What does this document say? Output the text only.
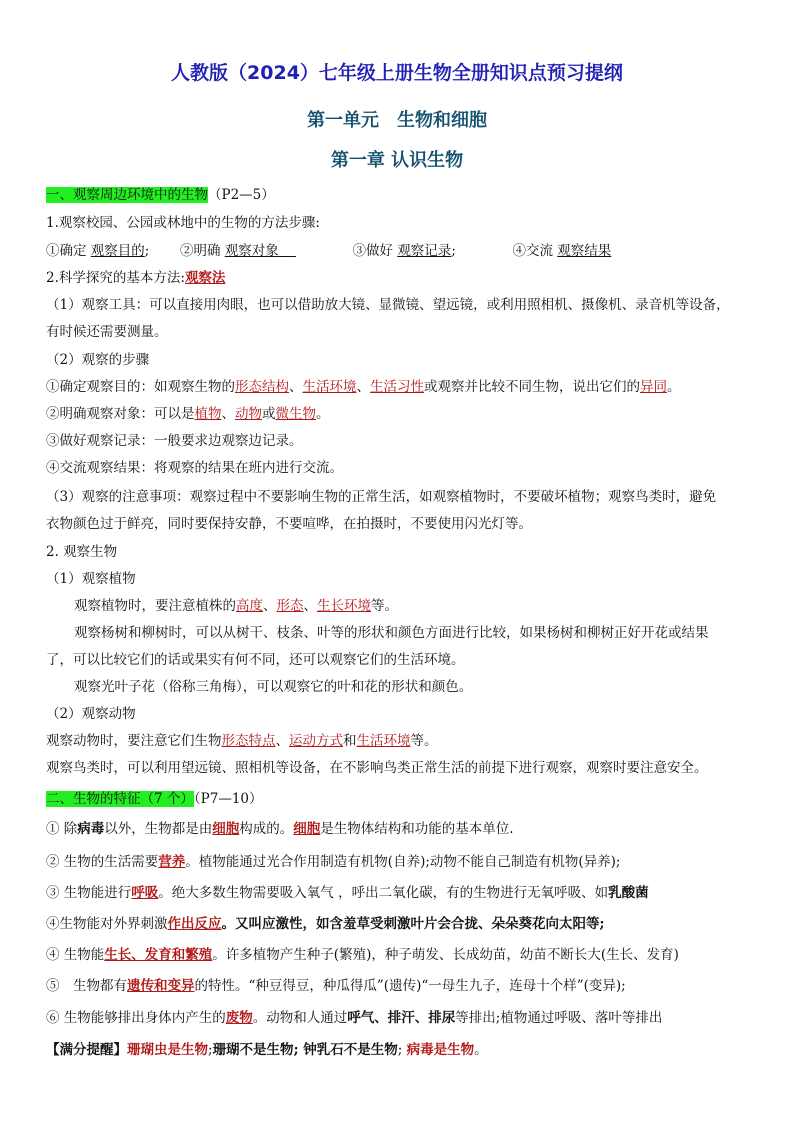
人教版（2024）七年级上册生物全册知识点预习提纲
第一单元　生物和细胞
第一章 认识生物
一、观察周边环境中的生物（P2—5）
1.观察校园、公园或林地中的生物的方法步骤:
①确定 观察目的; ②明确 观察对象	③做好 观察记录;	④交流 观察结果
2.科学探究的基本方法:观察法
（1）观察工具：可以直接用肉眼，也可以借助放大镜、显微镜、望远镜，或利用照相机、摄像机、录音机等设备，
有时候还需要测量。
（2）观察的步骤
①确定观察目的：如观察生物的形态结构、生活环境、生活习性或观察并比较不同生物，说出它们的异同。
②明确观察对象：可以是植物、动物或微生物。
③做好观察记录：一般要求边观察边记录。
④交流观察结果：将观察的结果在班内进行交流。
（3）观察的注意事项：观察过程中不要影响生物的正常生活，如观察植物时，不要破坏植物；观察鸟类时，避免
衣物颜色过于鲜亮，同时要保持安静，不要喧哗，在拍摄时，不要使用闪光灯等。
2. 观察生物
（1）观察植物
观察植物时，要注意植株的高度、形态、生长环境等。
观察杨树和柳树时，可以从树干、枝条、叶等的形状和颜色方面进行比较，如果杨树和柳树正好开花或结果
了，可以比较它们的话或果实有何不同，还可以观察它们的生活环境。
观察光叶子花（俗称三角梅），可以观察它的叶和花的形状和颜色。
（2）观察动物
观察动物时，要注意它们生物形态特点、运动方式和生活环境等。
观察鸟类时，可以利用望远镜、照相机等设备，在不影响鸟类正常生活的前提下进行观察，观察时要注意安全。
二、生物的特征（7 个）（P7—10）
① 除病毒以外，生物都是由细胞构成的。细胞是生物体结构和功能的基本单位.
② 生物的生活需要营养。植物能通过光合作用制造有机物(自养);动物不能自己制造有机物(异养);
③ 生物能进行呼吸。绝大多数生物需要吸入氧气 ，呼出二氧化碳，有的生物进行无氧呼吸、如乳酸菌
④生物能对外界刺激作出反应。又叫应激性，如含羞草受刺激叶片会合拢、朵朵葵花向太阳等;
④ 生物能生长、发育和繁殖。许多植物产生种子(繁殖)，种子萌发、长成幼苗，幼苗不断长大(生长、发育)
⑤　生物都有遗传和变异的特性。“种豆得豆，种瓜得瓜”(遗传)“一母生九子，连母十个样”(变异);
⑥ 生物能够排出身体内产生的废物。动物和人通过呼气、排汗、排尿等排出;植物通过呼吸、落叶等排出
【满分提醒】珊瑚虫是生物;珊瑚不是生物; 钟乳石不是生物; 病毒是生物。
